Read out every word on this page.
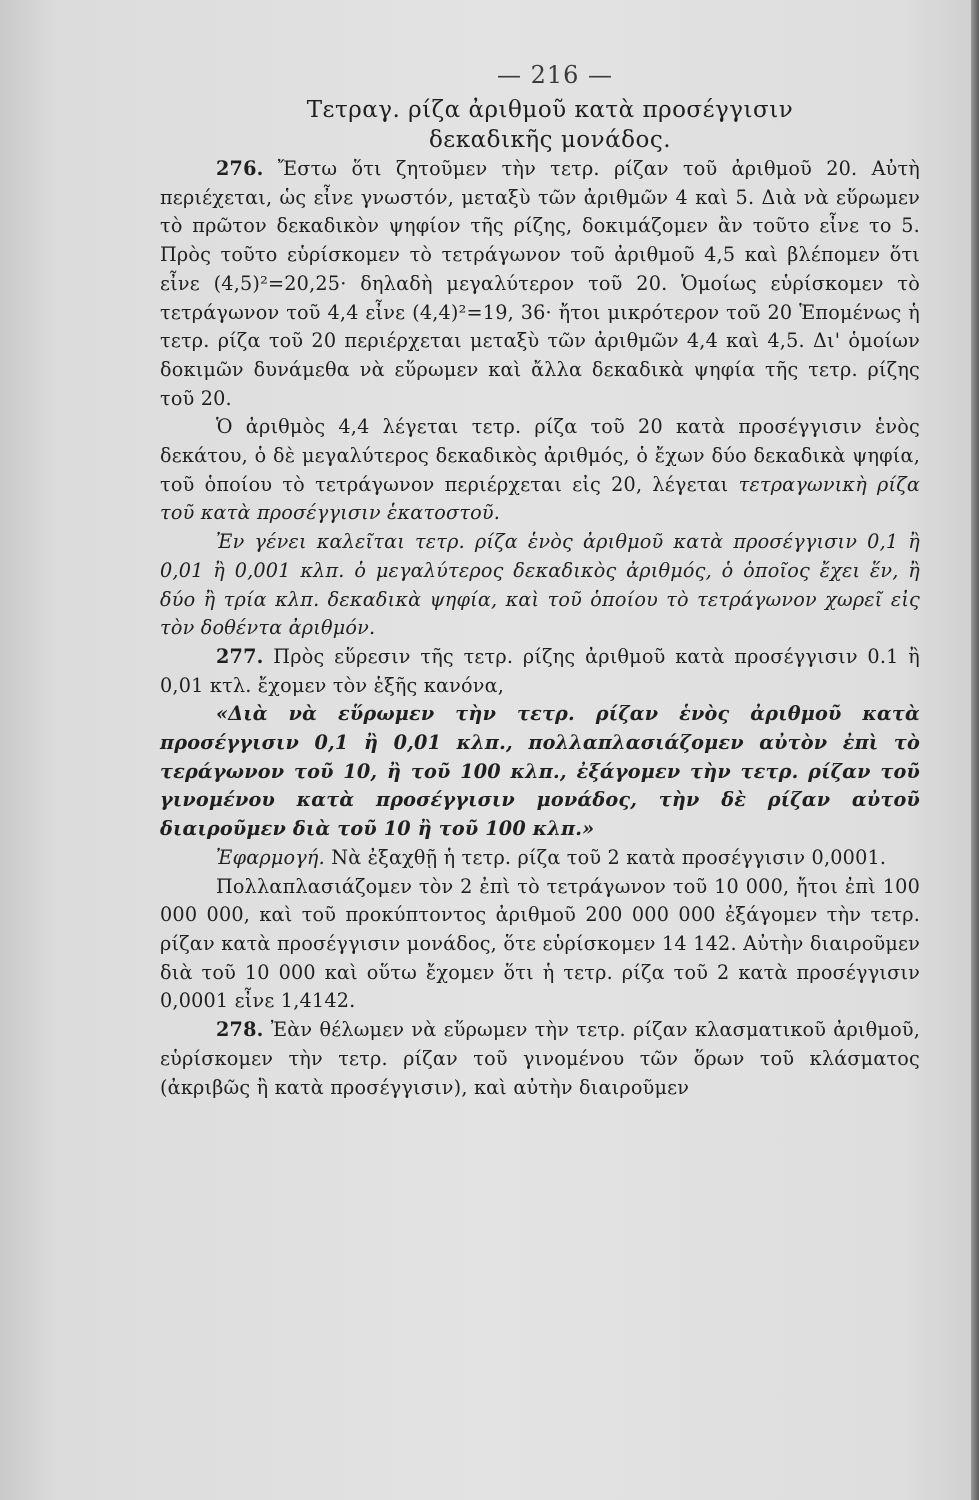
— 216 —
Τετραγ. ρίζα ἀριθμοῦ κατὰ προσέγγισιν
δεκαδικῆς μονάδος.

276. Ἔστω ὅτι ζητοῦμεν τὴν τετρ. ρίζαν τοῦ ἀριθμοῦ 20. Αὐτὴ περιέχεται, ὡς εἶνε γνωστόν, μεταξὺ τῶν ἀριθμῶν 4 καὶ 5. Διὰ νὰ εὕρωμεν τὸ πρῶτον δεκαδικὸν ψηφίον τῆς ρίζης, δοκιμάζομεν ἂν τοῦτο εἶνε το 5. Πρὸς τοῦτο εὑρίσκομεν τὸ τετράγωνον τοῦ ἀριθμοῦ 4,5 καὶ βλέπομεν ὅτι εἶνε (4,5)²=20,25· δηλαδὴ μεγαλύτερον τοῦ 20. Ὁμοίως εὑρίσκομεν τὸ τετράγωνον τοῦ 4,4 εἶνε (4,4)²=19, 36· ἤτοι μικρότερον τοῦ 20 Ἑπομένως ἡ τετρ. ρίζα τοῦ 20 περιέρχεται μεταξὺ τῶν ἀριθμῶν 4,4 καὶ 4,5. Δι' ὁμοίων δοκιμῶν δυνάμεθα νὰ εὕρωμεν καὶ ἄλλα δεκαδικὰ ψηφία τῆς τετρ. ρίζης τοῦ 20.

Ὁ ἀριθμὸς 4,4 λέγεται τετρ. ρίζα τοῦ 20 κατὰ προσέγγισιν ἑνὸς δεκάτου, ὁ δὲ μεγαλύτερος δεκαδικὸς ἀριθμός, ὁ ἔχων δύο δεκαδικὰ ψηφία, τοῦ ὁποίου τὸ τετράγωνον περιέρχεται εἰς 20, λέγεται τετραγωνικὴ ρίζα τοῦ κατὰ προσέγγισιν ἑκατοστοῦ.

Ἐν γένει καλεῖται τετρ. ρίζα ἑνὸς ἀριθμοῦ κατὰ προσέγγισιν 0,1 ἢ 0,01 ἢ 0,001 κλπ. ὁ μεγαλύτερος δεκαδικὸς ἀριθμός, ὁ ὁποῖος ἔχει ἕν, ἢ δύο ἢ τρία κλπ. δεκαδικὰ ψηφία, καὶ τοῦ ὁποίου τὸ τετράγωνον χωρεῖ εἰς τὸν δοθέντα ἀριθμόν.

277. Πρὸς εὕρεσιν τῆς τετρ. ρίζης ἀριθμοῦ κατὰ προσέγγισιν 0.1 ἢ 0,01 κτλ. ἔχομεν τὸν ἑξῆς κανόνα,

«Διὰ νὰ εὕρωμεν τὴν τετρ. ρίζαν ἑνὸς ἀριθμοῦ κατὰ προσέγγισιν 0,1 ἢ 0,01 κλπ., πολλαπλασιάζομεν αὐτὸν ἐπὶ τὸ τεράγωνον τοῦ 10, ἢ τοῦ 100 κλπ., ἐξάγομεν τὴν τετρ. ρίζαν τοῦ γινομένου κατὰ προσέγγισιν μονάδος, τὴν δὲ ρίζαν αὐτοῦ διαιροῦμεν διὰ τοῦ 10 ἢ τοῦ 100 κλπ.»

Ἐφαρμογή. Νὰ ἐξαχθῇ ἡ τετρ. ρίζα τοῦ 2 κατὰ προσέγγισιν 0,0001.

Πολλαπλασιάζομεν τὸν 2 ἐπὶ τὸ τετράγωνον τοῦ 10 000, ἤτοι ἐπὶ 100 000 000, καὶ τοῦ προκύπτοντος ἀριθμοῦ 200 000 000 ἐξάγομεν τὴν τετρ. ρίζαν κατὰ προσέγγισιν μονάδος, ὅτε εὑρίσκομεν 14 142. Αὐτὴν διαιροῦμεν διὰ τοῦ 10 000 καὶ οὕτω ἔχομεν ὅτι ἡ τετρ. ρίζα τοῦ 2 κατὰ προσέγγισιν 0,0001 εἶνε 1,4142.

278. Ἐὰν θέλωμεν νὰ εὕρωμεν τὴν τετρ. ρίζαν κλασματικοῦ ἀριθμοῦ, εὑρίσκομεν τὴν τετρ. ρίζαν τοῦ γινομένου τῶν ὅρων τοῦ κλάσματος (ἀκριβῶς ἢ κατὰ προσέγγισιν), καὶ αὐτὴν διαιροῦμεν
